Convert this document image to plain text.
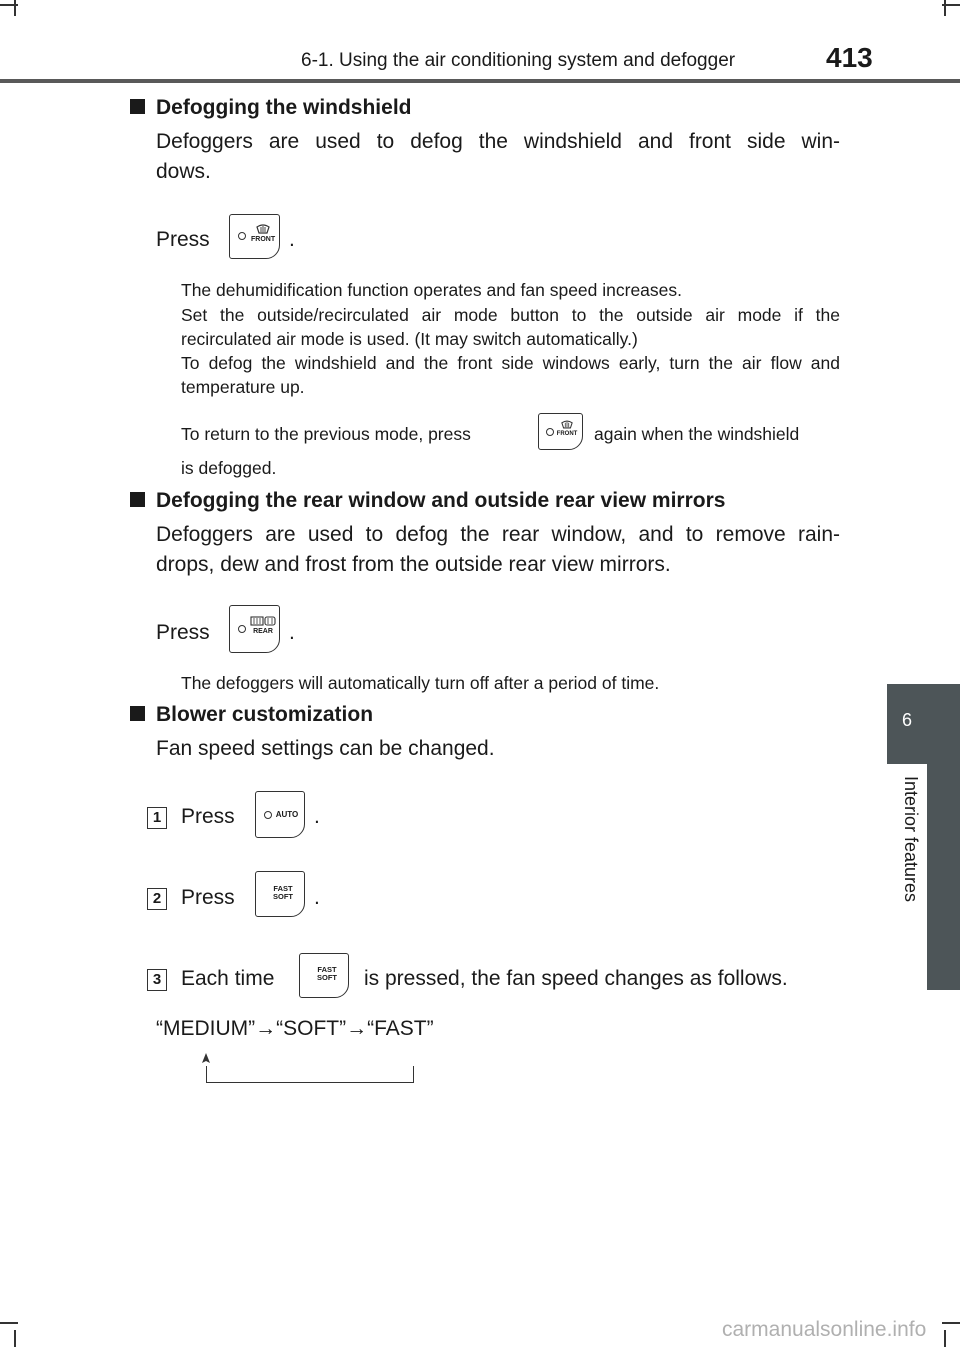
6-1. Using the air conditioning system and defogger	413
6
Interior features
Defogging the windshield
Defoggers are used to defog the windshield and front side win-
dows.
Press	FRONT .
The dehumidification function operates and fan speed increases.
Set the outside/recirculated air mode button to the outside air mode if the recirculated air mode is used. (It may switch automatically.)
To defog the windshield and the front side windows early, turn the air flow and temperature up.
To return to the previous mode, press	FRONT again when the windshield
is defogged.
Defogging the rear window and outside rear view mirrors
Defoggers are used to defog the rear window, and to remove rain-
drops, dew and frost from the outside rear view mirrors.
Press	REAR .
The defoggers will automatically turn off after a period of time.
Blower customization
Fan speed settings can be changed.
1 Press	AUTO .
2 Press	FAST
SOFT .
3 Each time	FAST
SOFT is pressed, the fan speed changes as follows.
“MEDIUM”→“SOFT”→“FAST”
carmanualsonline.info
